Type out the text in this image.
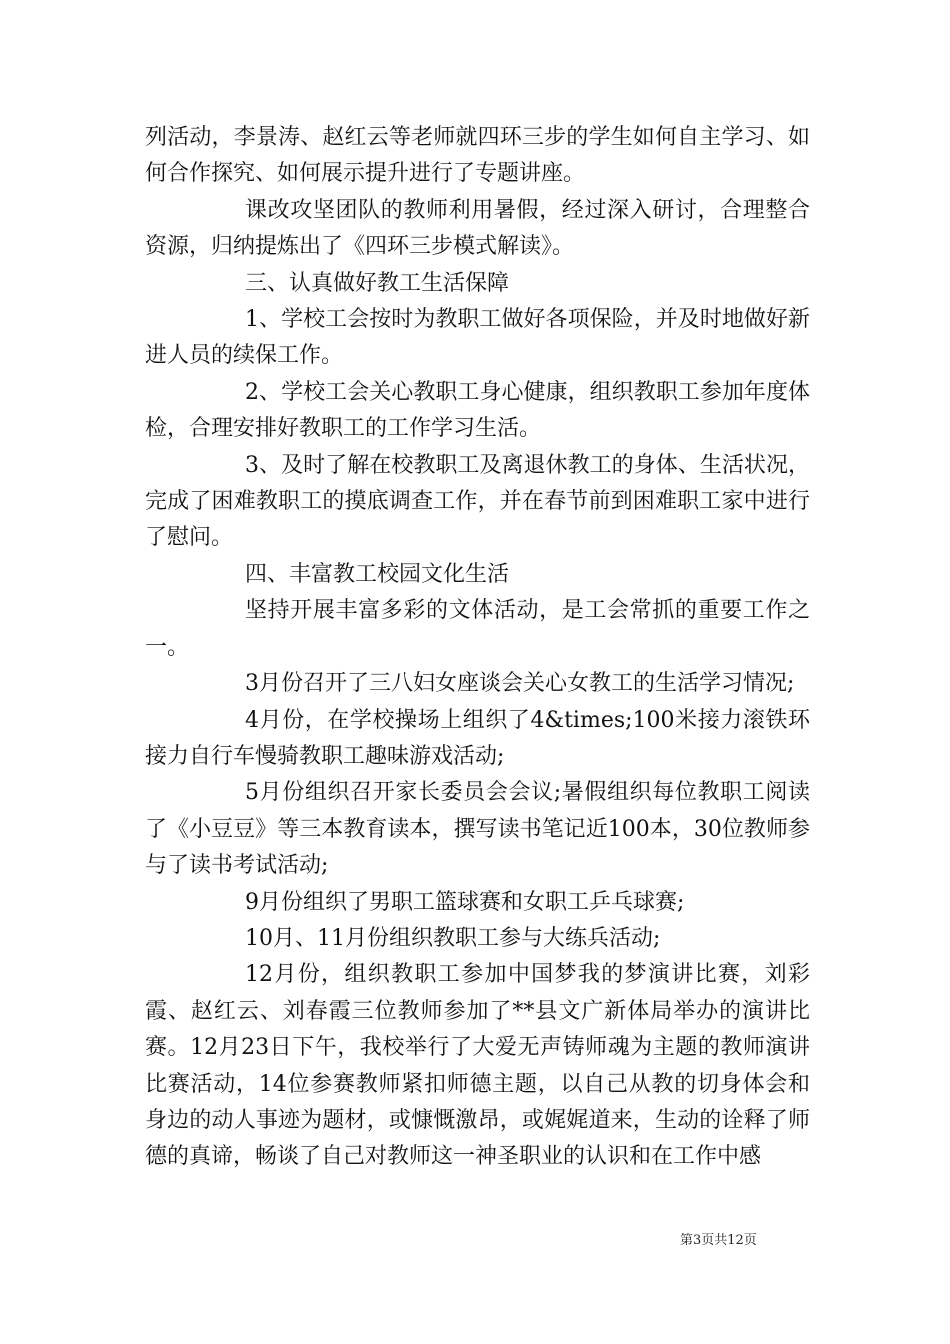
列活动，李景涛、赵红云等老师就四环三步的学生如何自主学习、如何合作探究、如何展示提升进行了专题讲座。

课改攻坚团队的教师利用暑假，经过深入研讨，合理整合资源，归纳提炼出了《四环三步模式解读》。

三、认真做好教工生活保障

1、学校工会按时为教职工做好各项保险，并及时地做好新进人员的续保工作。

2、学校工会关心教职工身心健康，组织教职工参加年度体检，合理安排好教职工的工作学习生活。

3、及时了解在校教职工及离退休教工的身体、生活状况，完成了困难教职工的摸底调查工作，并在春节前到困难职工家中进行了慰问。

四、丰富教工校园文化生活

坚持开展丰富多彩的文体活动，是工会常抓的重要工作之一。

3月份召开了三八妇女座谈会关心女教工的生活学习情况;

4月份，在学校操场上组织了4&times;100米接力滚铁环接力自行车慢骑教职工趣味游戏活动;

5月份组织召开家长委员会会议;暑假组织每位教职工阅读了《小豆豆》等三本教育读本，撰写读书笔记近100本，30位教师参与了读书考试活动;

9月份组织了男职工篮球赛和女职工乒乓球赛;

10月、11月份组织教职工参与大练兵活动;

12月份，组织教职工参加中国梦我的梦演讲比赛，刘彩霞、赵红云、刘春霞三位教师参加了**县文广新体局举办的演讲比赛。12月23日下午，我校举行了大爱无声铸师魂为主题的教师演讲比赛活动，14位参赛教师紧扣师德主题，以自己从教的切身体会和身边的动人事迹为题材，或慷慨激昂，或娓娓道来，生动的诠释了师德的真谛，畅谈了自己对教师这一神圣职业的认识和在工作中感

第3页共12页
